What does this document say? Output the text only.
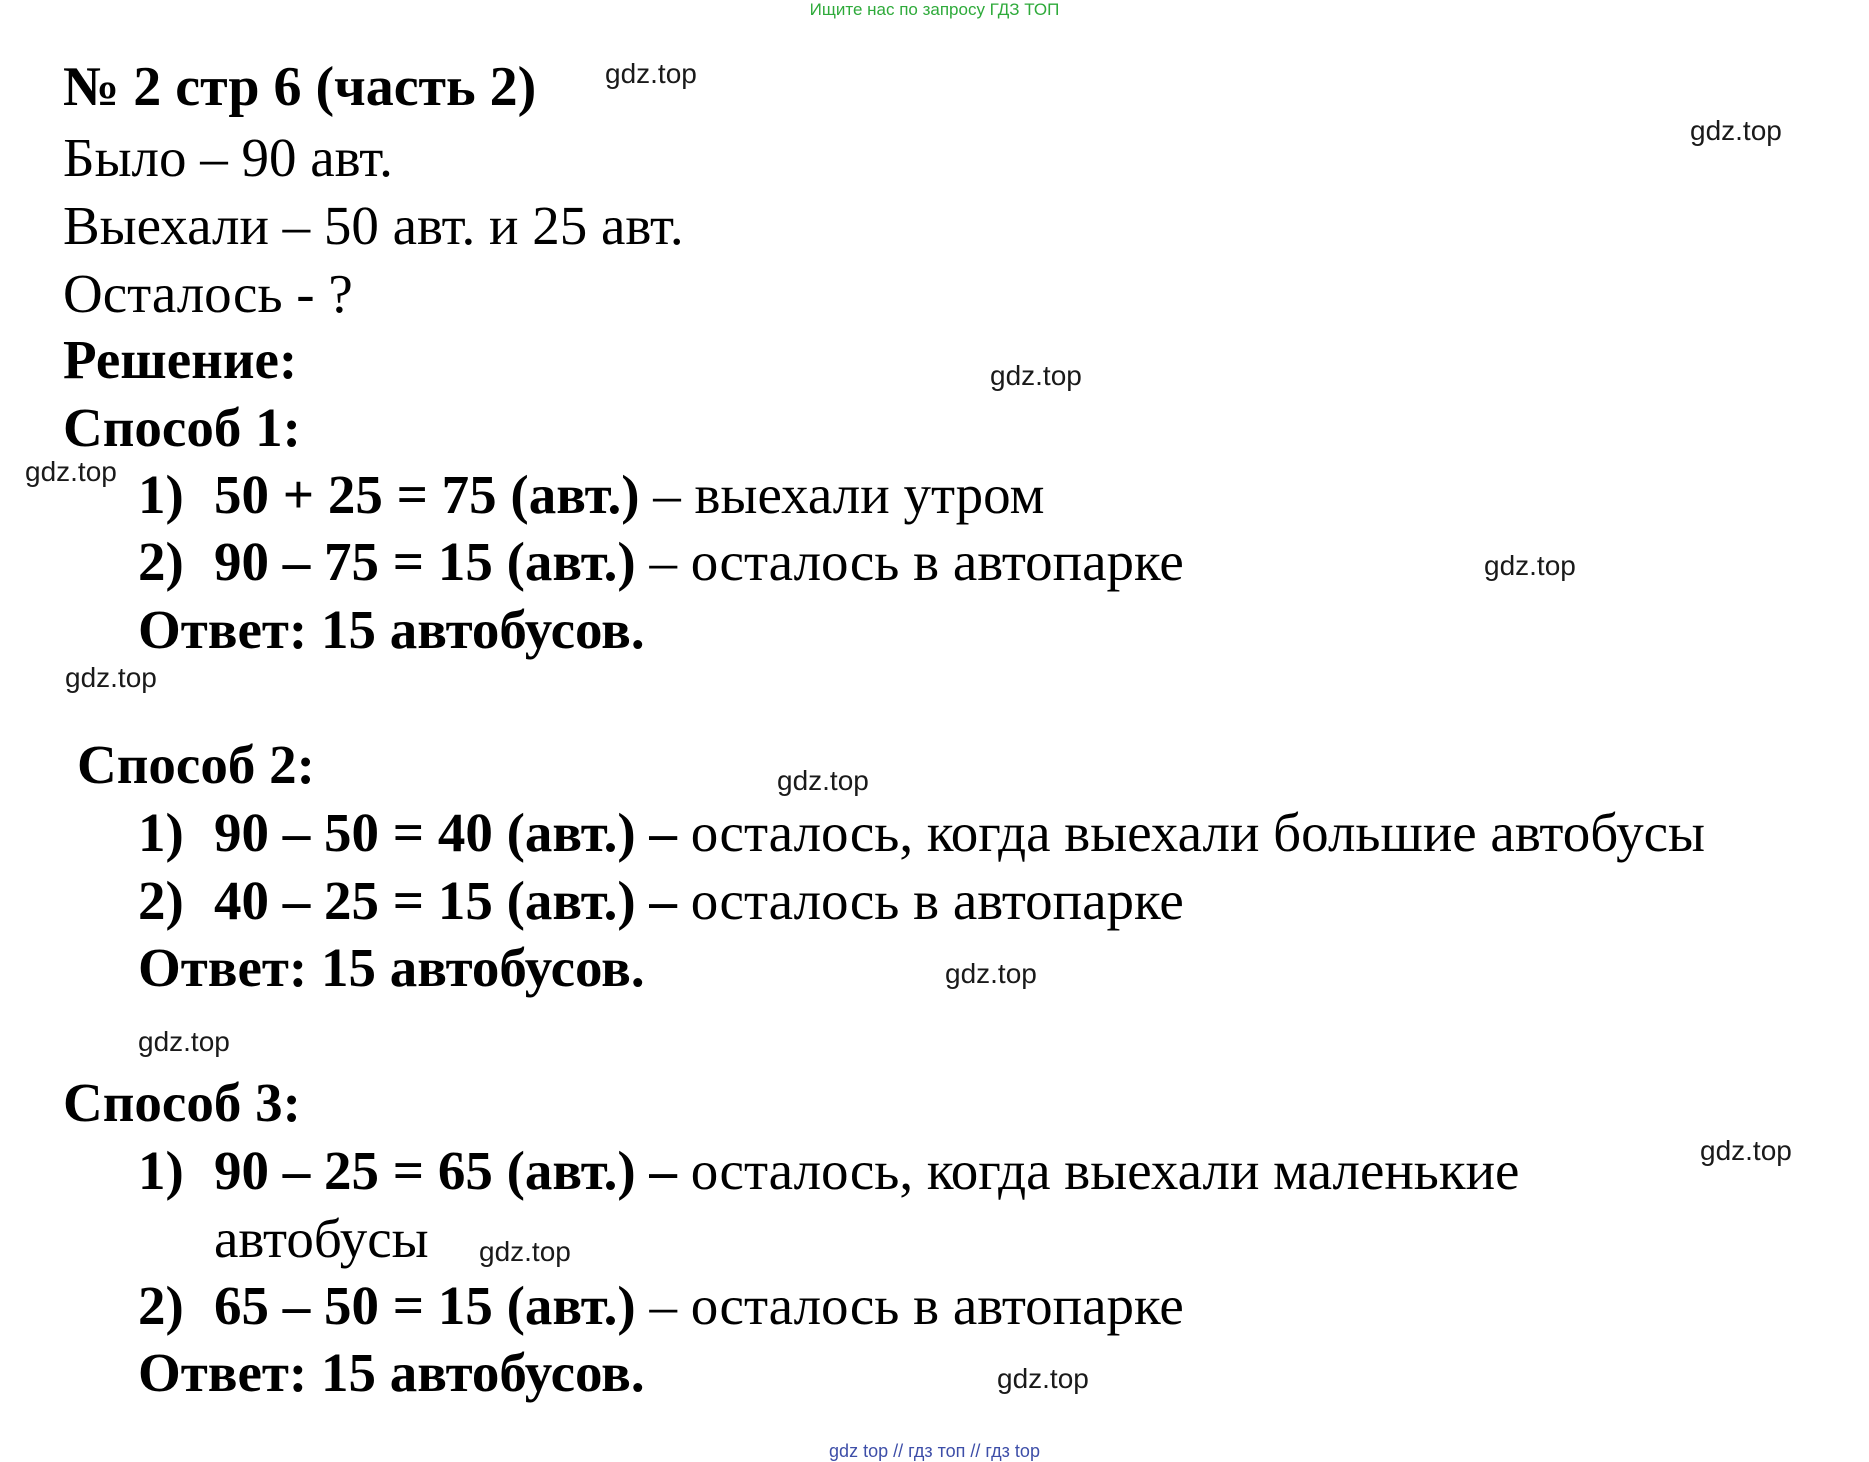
Ищите нас по запросу ГДЗ ТОП
№ 2 стр 6 (часть 2)
Было – 90 авт.
Выехали – 50 авт. и 25 авт.
Осталось - ?
Решение:
Способ 1:
1) 50 + 25 = 75 (авт.) – выехали утром
2) 90 – 75 = 15 (авт.) – осталось в автопарке
Ответ: 15 автобусов.
Способ 2:
1) 90 – 50 = 40 (авт.) – осталось, когда выехали большие автобусы
2) 40 – 25 = 15 (авт.) – осталось в автопарке
Ответ: 15 автобусов.
Способ 3:
1) 90 – 25 = 65 (авт.) – осталось, когда выехали маленькие
автобусы
2) 65 – 50 = 15 (авт.) – осталось в автопарке
Ответ: 15 автобусов.
gdz.top
gdz.top
gdz.top
gdz.top
gdz.top
gdz.top
gdz.top
gdz.top
gdz.top
gdz.top
gdz.top
gdz.top
gdz top // гдз топ // гдз top
